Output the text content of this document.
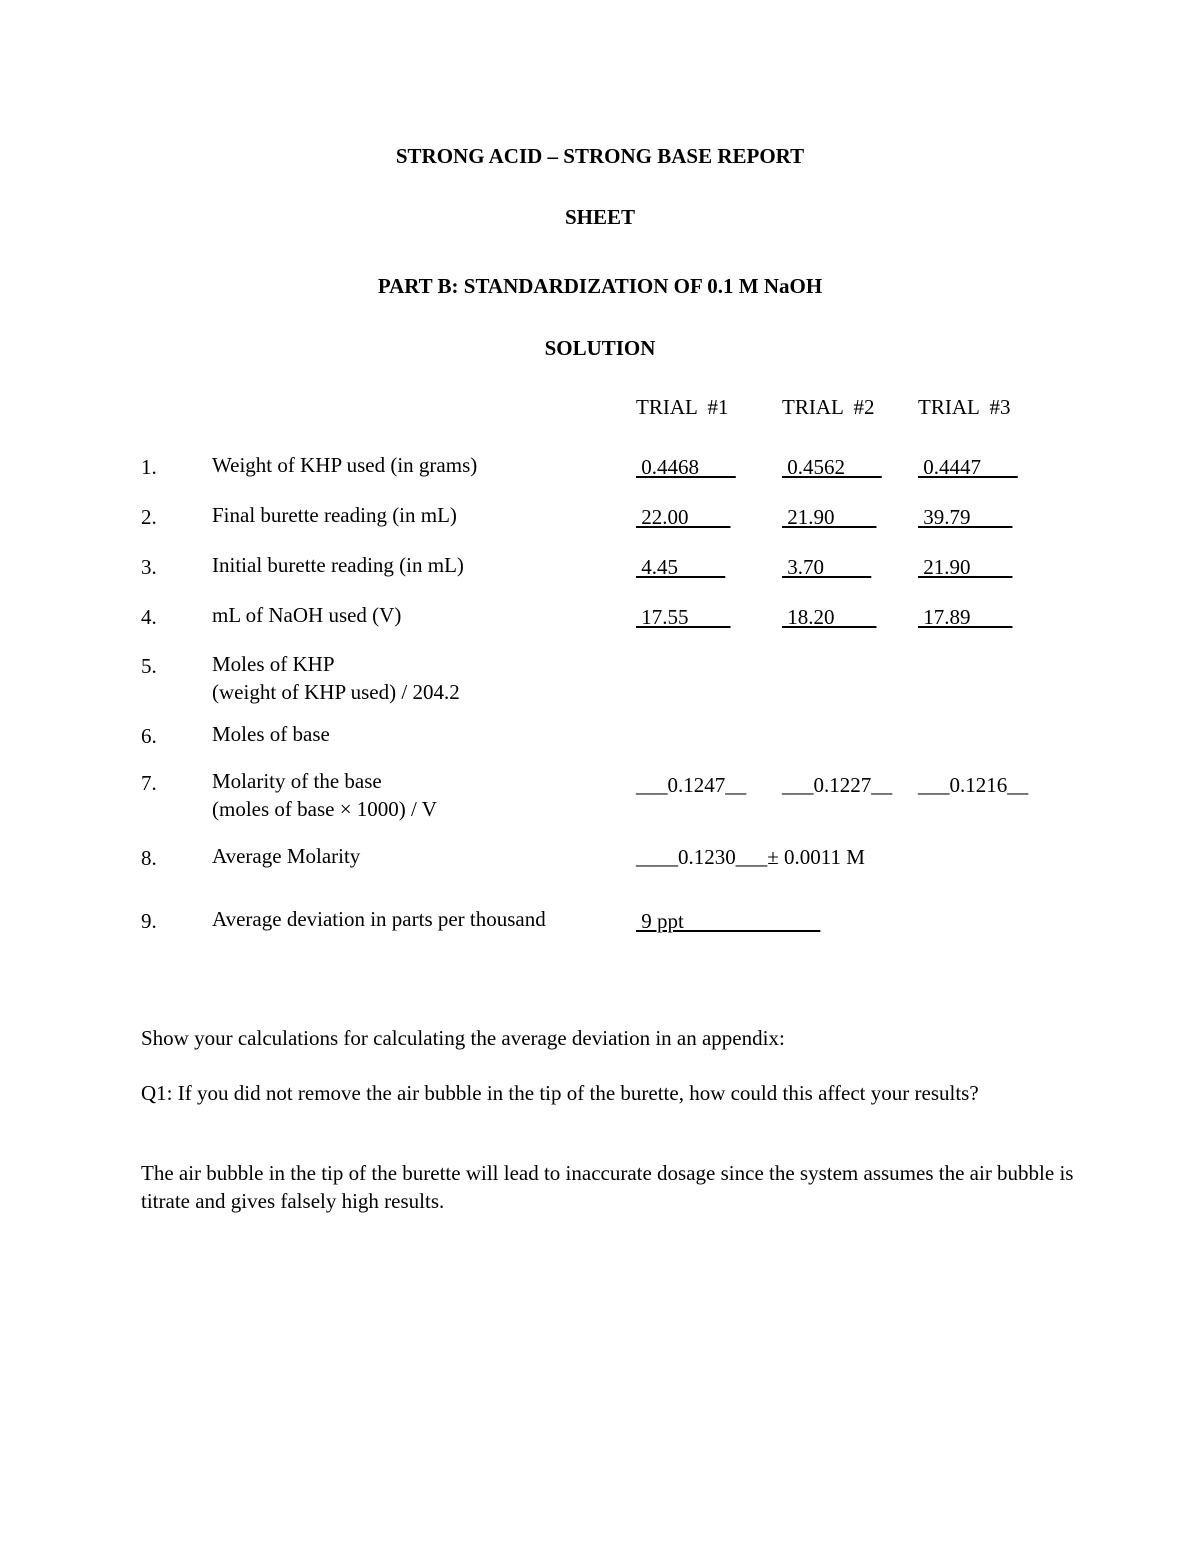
STRONG ACID – STRONG BASE REPORT
SHEET
PART B: STANDARDIZATION OF 0.1 M NaOH
SOLUTION
TRIAL  #1	TRIAL  #2 TRIAL  #3
1.	Weight of KHP used (in grams)	0.4468 0.4562 0.4447
2.	Final burette reading (in mL)	22.00 21.90 39.79
3.	Initial burette reading (in mL)	4.45	3.70 21.90
4.	mL of NaOH used (V)	17.55 18.20 17.89
5.	Moles of KHP
(weight of KHP used) / 204.2
6.	Moles of base
7.	Molarity of the base
(moles of base × 1000) / V
___0.1247__ ___0.1227__ ___0.1216__
8.	Average Molarity	____0.1230___± 0.0011 M
9.	Average deviation in parts per thousand	9 ppt
Show your calculations for calculating the average deviation in an appendix:
Q1: If you did not remove the air bubble in the tip of the burette, how could this affect your results?
The air bubble in the tip of the burette will lead to inaccurate dosage since the system assumes the air bubble is titrate and gives falsely high results.
